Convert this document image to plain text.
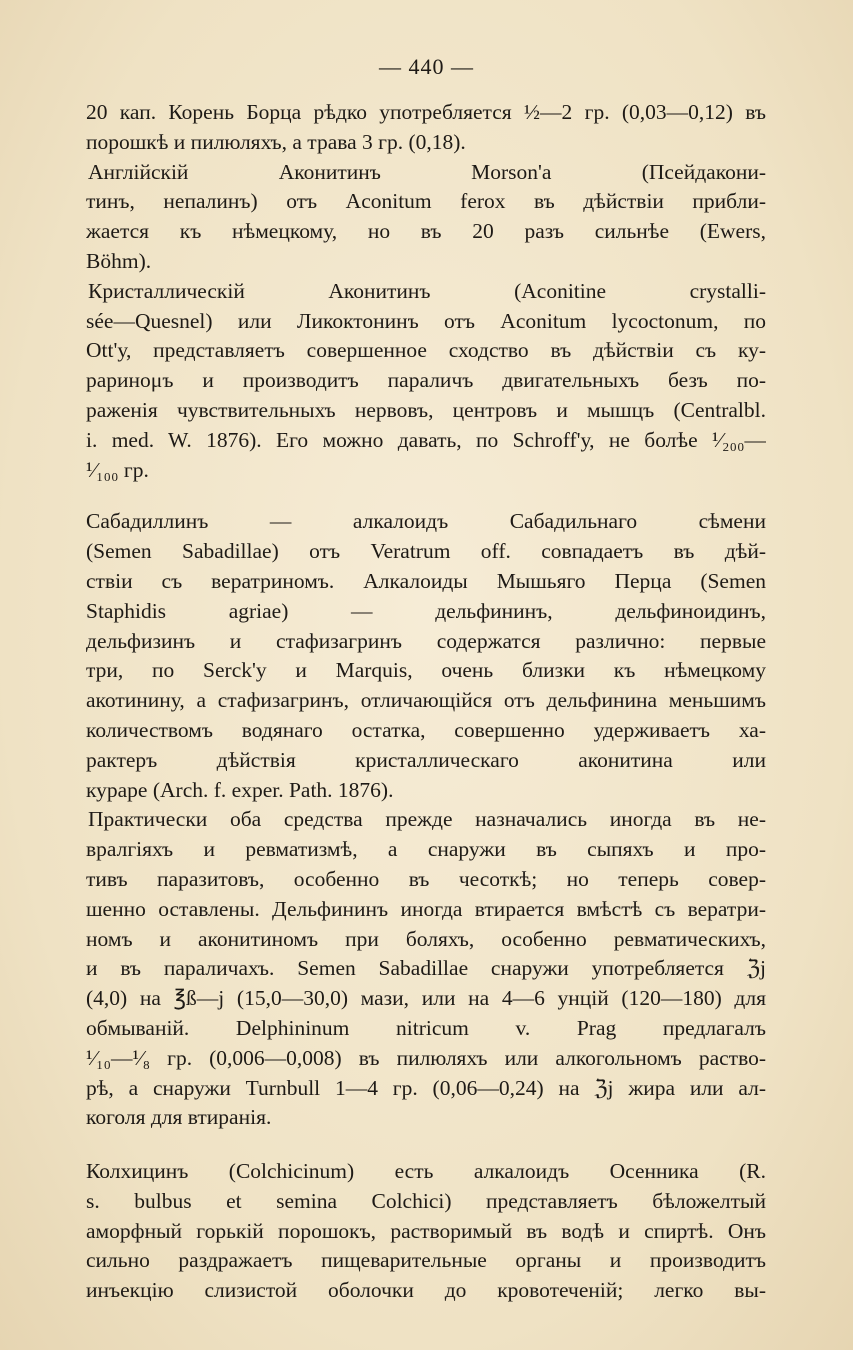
— 440 —
20 кап. Корень Борца рѣдко употребляется ½—2 гр. (0,03—0,12) въ
порошкѣ и пилюляхъ, а трава 3 гр. (0,18).
Англійскій Аконитинъ Morson'a (Псейдакони-
тинъ, непалинъ) отъ Aconitum ferox въ дѣйствіи прибли-
жается къ нѣмецкому, но въ 20 разъ сильнѣе (Ewers,
Böhm).
Кристаллическій Аконитинъ (Aconitine crystalli-
sée—Quesnel) или Ликоктонинъ отъ Aconitum lycoctonum, по
Ott'у, представляетъ совершенное сходство въ дѣйствіи съ ку-
раринομъ и производитъ параличъ двигательныхъ безъ по-
раженія чувствительныхъ нервовъ, центровъ и мышцъ (Centralbl.
i. med. W. 1876). Его можно давать, по Schroff'у, не болѣе ¹⁄₂₀₀—
¹⁄₁₀₀ гр.
Сабадиллинъ — алкалоидъ Сабадильнаго сѣмени
(Semen Sabadillae) отъ Veratrum off. совпадаетъ въ дѣй-
ствіи съ вератриномъ. Алкалоиды Мышьяго Перца (Semen
Staphidis agriae) — дельфининъ, дельфиноидинъ,
дельфизинъ и стафизагринъ содержатся различно: первые
три, по Serck'у и Marquis, очень близки къ нѣмецкому
акотинину, а стафизагринъ, отличающійся отъ дельфинина меньшимъ
количествомъ водянаго остатка, совершенно удерживаетъ ха-
рактеръ дѣйствія кристаллическаго аконитина или
кураре (Arch. f. exper. Path. 1876).
Практически оба средства прежде назначались иногда въ не-
вралгіяхъ и ревматизмѣ, а снаружи въ сыпяхъ и про-
тивъ паразитовъ, особенно въ чесоткѣ; но теперь совер-
шенно оставлены. Дельфининъ иногда втирается вмѣстѣ съ вератри-
номъ и аконитиномъ при боляхъ, особенно ревматическихъ,
и въ параличахъ. Semen Sabadillae снаружи употребляется ℨj
(4,0) на ℥ß—j (15,0—30,0) мази, или на 4—6 унцій (120—180) для
обмываній. Delphininum nitricum v. Prag предлагалъ
¹⁄₁₀—¹⁄₈ гр. (0,006—0,008) въ пилюляхъ или алкогольномъ раство-
рѣ, а снаружи Turnbull 1—4 гр. (0,06—0,24) на ℨj жира или ал-
коголя для втиранія.
Колхицинъ (Colchicinum) есть алкалоидъ Осенника (R.
s. bulbus et semina Colchici) представляетъ бѣложелтый
аморфный горькій порошокъ, растворимый въ водѣ и спиртѣ. Онъ
сильно раздражаетъ пищеварительные органы и производитъ
инъекцію слизистой оболочки до кровотеченій; легко вы-
